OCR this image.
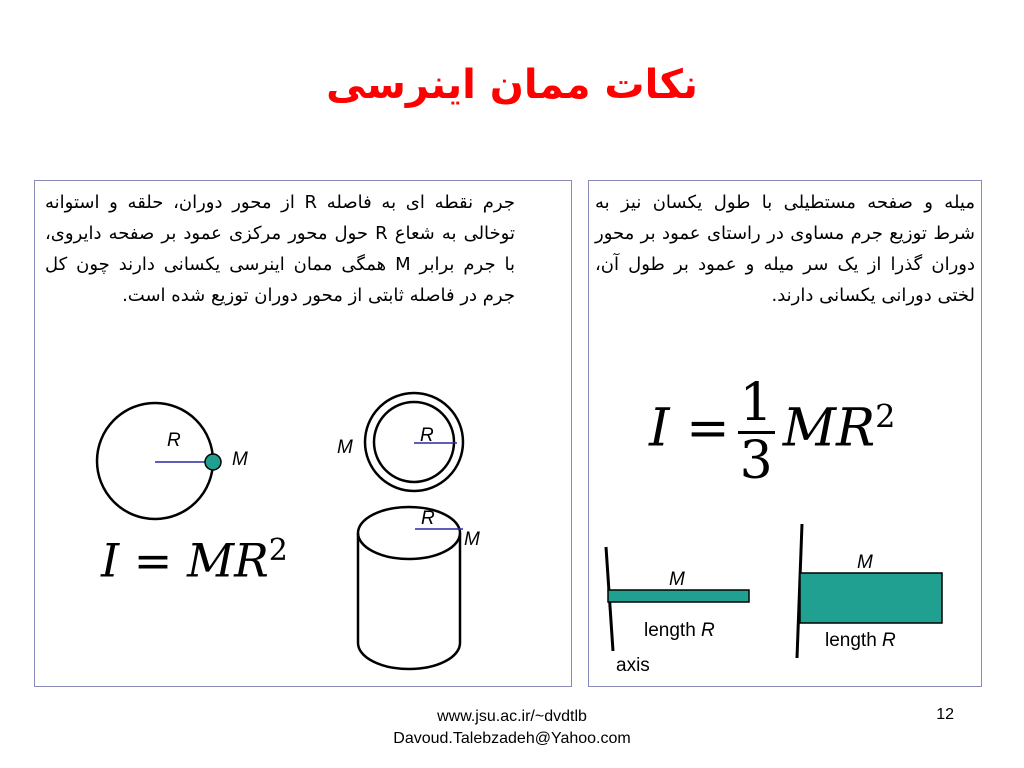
نکات ممان اینرسی
جرم نقطه ای به فاصله R از محور دوران، حلقه و استوانه توخالی به شعاع R حول محور مرکزی عمود بر صفحه دایروی، با جرم برابر M همگی ممان اینرسی یکسانی دارند چون کل جرم در فاصله ثابتی از محور دوران توزیع شده است.
R
M
R
M
R
M
$I = MR^2$
میله و صفحه مستطیلی با طول یکسان نیز به شرط توزیع جرم مساوی در راستای عمود بر محور دوران گذرا از یک سر میله و عمود بر طول آن، لختی دورانی یکسانی دارند.
$I = \frac{1}{3} MR^2$
M
length R
axis
M
length R
www.jsu.ac.ir/~dvdtlb
Davoud.Talebzadeh@Yahoo.com
12
